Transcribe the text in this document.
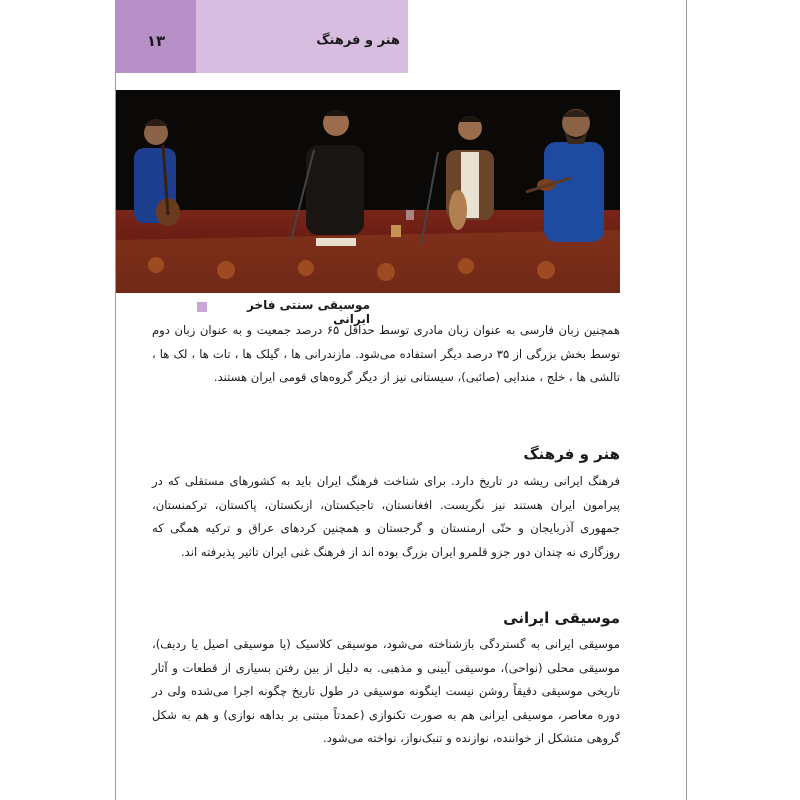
۱۳	هنر و فرهنگ
موسیقی سنتی فاخر ایرانی
همچنین زبان فارسی به عنوان زبان مادری توسط حداقل ۶۵ درصد جمعیت و به عنوان زبان دوم توسط بخش بزرگی از ۳۵ درصد دیگر استفاده می‌شود. مازندرانی ها ، گیلک ها ، تات ها ، لک ها ، تالشی ها ، خلج ، مندایی (صائبی)، سیستانی نیز از دیگر گروه‌های قومی ایران هستند.
هنر و فرهنگ
فرهنگ ایرانی ریشه در تاریخ دارد. برای شناخت فرهنگ ایران باید به کشورهای مستقلی که در پیرامون ایران هستند نیز نگریست. افغانستان، تاجیکستان، ازبکستان، پاکستان، ترکمنستان، جمهوری آذربایجان و حتّی ارمنستان و گرجستان و همچنین کردهای عراق و ترکیه همگی که روزگاری نه چندان دور جزو قلمرو ایران بزرگ بوده اند از فرهنگ غنی ایران تاثیر پذیرفته اند.
موسیقی ایرانی
موسیقی ایرانی به گستردگی بازشناخته می‌شود، موسیقی کلاسیک (یا موسیقی اصیل یا ردیف)، موسیقی محلی (نواحی)، موسیقی آیینی و مذهبی. به دلیل از بین رفتن بسیاری از قطعات و آثار تاریخی موسیقی دقیقاً روشن نیست اینگونه موسیقی در طول تاریخ چگونه اجرا می‌شده ولی در دوره معاصر، موسیقی ایرانی هم به صورت تکنوازی (عمدتاً مبتنی بر بداهه نوازی) و هم به شکل گروهی متشکل از خواننده، نوازنده و تنبک‌نواز، نواخته می‌شود.
